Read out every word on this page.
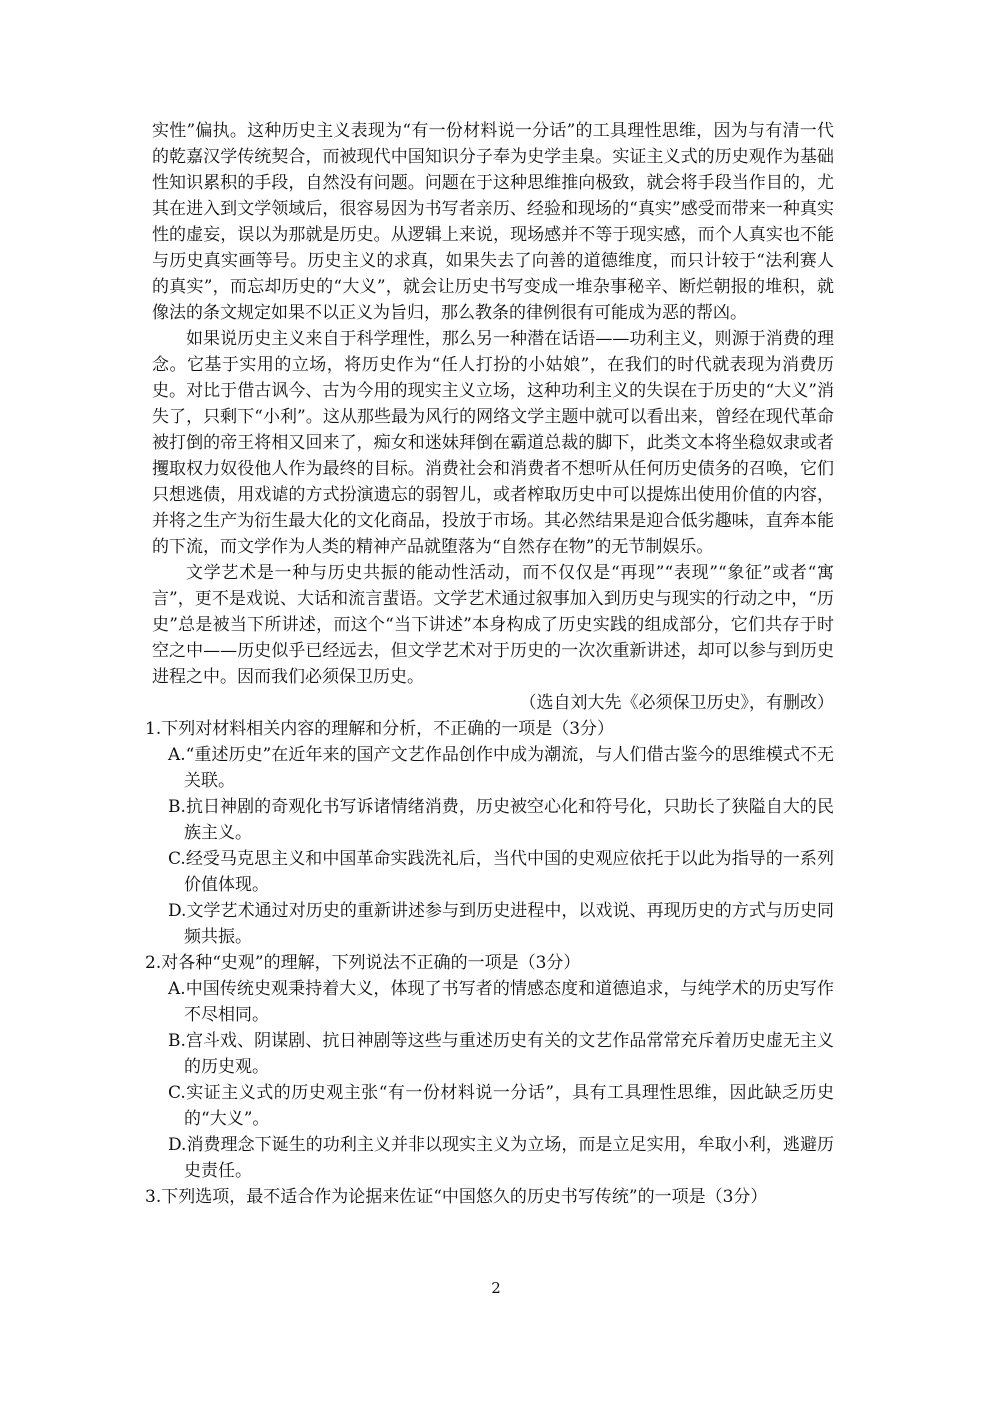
实性”偏执。这种历史主义表现为“有一份材料说一分话”的工具理性思维，因为与有清一代的乾嘉汉学传统契合，而被现代中国知识分子奉为史学圭臬。实证主义式的历史观作为基础性知识累积的手段，自然没有问题。问题在于这种思维推向极致，就会将手段当作目的，尤其在进入到文学领域后，很容易因为书写者亲历、经验和现场的“真实”感受而带来一种真实性的虚妄，误以为那就是历史。从逻辑上来说，现场感并不等于现实感，而个人真实也不能与历史真实画等号。历史主义的求真，如果失去了向善的道德维度，而只计较于“法利赛人的真实”，而忘却历史的“大义”，就会让历史书写变成一堆杂事秘辛、断烂朝报的堆积，就像法的条文规定如果不以正义为旨归，那么教条的律例很有可能成为恶的帮凶。

如果说历史主义来自于科学理性，那么另一种潜在话语——功利主义，则源于消费的理念。它基于实用的立场，将历史作为“任人打扮的小姑娘”，在我们的时代就表现为消费历史。对比于借古讽今、古为今用的现实主义立场，这种功利主义的失误在于历史的“大义”消失了，只剩下“小利”。这从那些最为风行的网络文学主题中就可以看出来，曾经在现代革命被打倒的帝王将相又回来了，痴女和迷妹拜倒在霸道总裁的脚下，此类文本将坐稳奴隶或者攫取权力奴役他人作为最终的目标。消费社会和消费者不想听从任何历史债务的召唤，它们只想逃债，用戏谑的方式扮演遗忘的弱智儿，或者榨取历史中可以提炼出使用价值的内容，并将之生产为衍生最大化的文化商品，投放于市场。其必然结果是迎合低劣趣味，直奔本能的下流，而文学作为人类的精神产品就堕落为“自然存在物”的无节制娱乐。

文学艺术是一种与历史共振的能动性活动，而不仅仅是“再现”“表现”“象征”或者“寓言”，更不是戏说、大话和流言蜚语。文学艺术通过叙事加入到历史与现实的行动之中，“历史”总是被当下所讲述，而这个“当下讲述”本身构成了历史实践的组成部分，它们共存于时空之中——历史似乎已经远去，但文学艺术对于历史的一次次重新讲述，却可以参与到历史进程之中。因而我们必须保卫历史。

（选自刘大先《必须保卫历史》，有删改）

1.下列对材料相关内容的理解和分析，不正确的一项是（3分）

A.“重述历史”在近年来的国产文艺作品创作中成为潮流，与人们借古鉴今的思维模式不无关联。

B.抗日神剧的奇观化书写诉诸情绪消费，历史被空心化和符号化，只助长了狭隘自大的民族主义。

C.经受马克思主义和中国革命实践洗礼后，当代中国的史观应依托于以此为指导的一系列价值体现。

D.文学艺术通过对历史的重新讲述参与到历史进程中，以戏说、再现历史的方式与历史同频共振。

2.对各种“史观”的理解，下列说法不正确的一项是（3分）

A.中国传统史观秉持着大义，体现了书写者的情感态度和道德追求，与纯学术的历史写作不尽相同。

B.宫斗戏、阴谋剧、抗日神剧等这些与重述历史有关的文艺作品常常充斥着历史虚无主义的历史观。

C.实证主义式的历史观主张“有一份材料说一分话”，具有工具理性思维，因此缺乏历史的“大义”。

D.消费理念下诞生的功利主义并非以现实主义为立场，而是立足实用，牟取小利，逃避历史责任。

3.下列选项，最不适合作为论据来佐证“中国悠久的历史书写传统”的一项是（3分）

2
